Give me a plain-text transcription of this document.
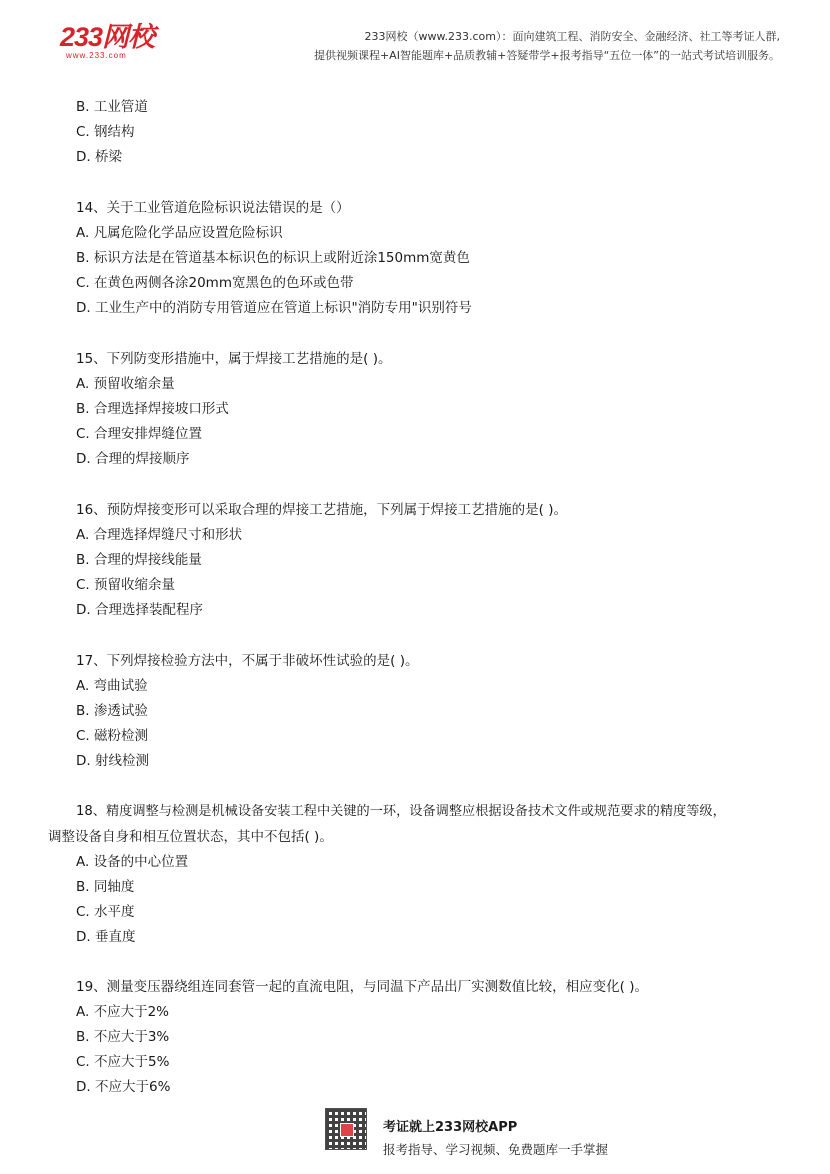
233网校
www.233.com
233网校（www.233.com）：面向建筑工程、消防安全、金融经济、社工等考证人群,
提供视频课程+AI智能题库+品质教辅+答疑带学+报考指导“五位一体”的一站式考试培训服务。
B. 工业管道
C. 钢结构
D. 桥梁
14、关于工业管道危险标识说法错误的是（）
A. 凡属危险化学品应设置危险标识
B. 标识方法是在管道基本标识色的标识上或附近涂150mm宽黄色
C. 在黄色两侧各涂20mm宽黑色的色环或色带
D. 工业生产中的消防专用管道应在管道上标识"消防专用"识别符号
15、下列防变形措施中，属于焊接工艺措施的是( )。
A. 预留收缩余量
B. 合理选择焊接坡口形式
C. 合理安排焊缝位置
D. 合理的焊接顺序
16、预防焊接变形可以采取合理的焊接工艺措施，下列属于焊接工艺措施的是( )。
A. 合理选择焊缝尺寸和形状
B. 合理的焊接线能量
C. 预留收缩余量
D. 合理选择装配程序
17、下列焊接检验方法中，不属于非破坏性试验的是( )。
A. 弯曲试验
B. 渗透试验
C. 磁粉检测
D. 射线检测
18、精度调整与检测是机械设备安装工程中关键的一环，设备调整应根据设备技术文件或规范要求的精度等级，
调整设备自身和相互位置状态，其中不包括( )。
A. 设备的中心位置
B. 同轴度
C. 水平度
D. 垂直度
19、测量变压器绕组连同套管一起的直流电阻，与同温下产品出厂实测数值比较，相应变化( )。
A. 不应大于2%
B. 不应大于3%
C. 不应大于5%
D. 不应大于6%
考证就上233网校APP
报考指导、学习视频、免费题库一手掌握
